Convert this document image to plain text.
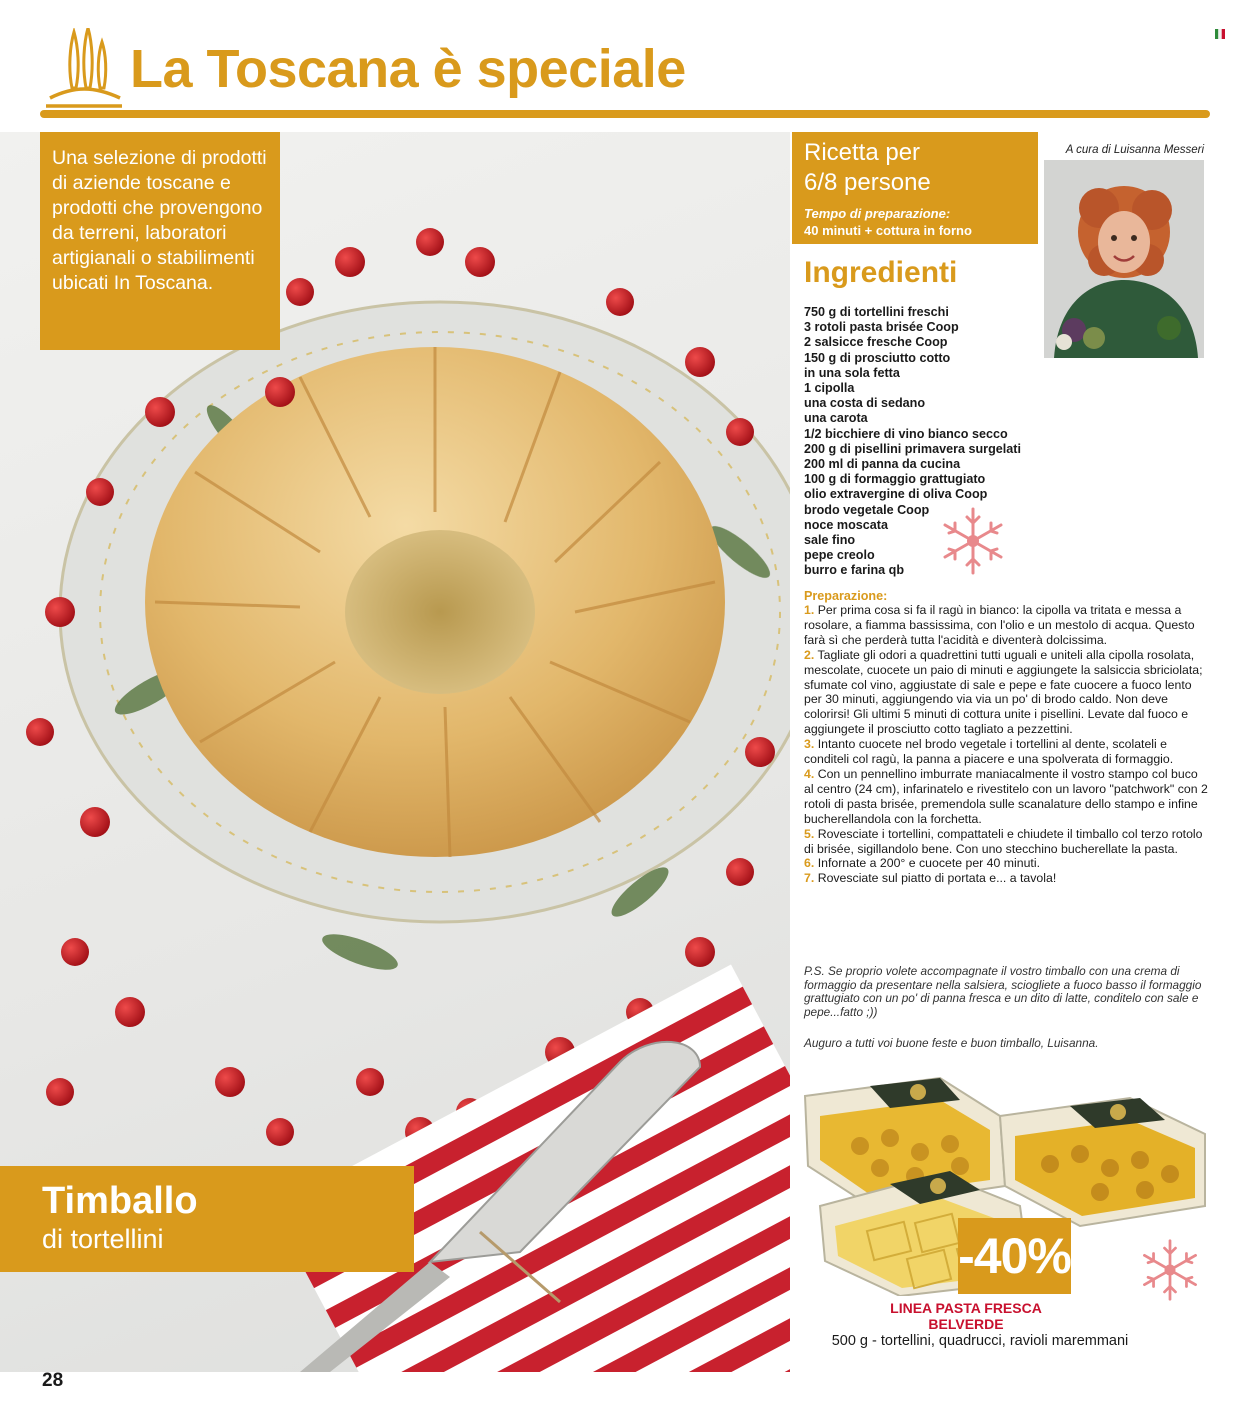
La Toscana è speciale

Una selezione di prodotti di aziende toscane e prodotti che provengono da terreni, laboratori artigianali o stabilimenti ubicati In Toscana.

Timballo
di tortellini
Ricetta per
6/8 persone
Tempo di preparazione:
40 minuti + cottura in forno
A cura di Luisanna Messeri
Ingredienti
750 g di tortellini freschi
3 rotoli pasta brisée Coop
2 salsicce fresche Coop
150 g di prosciutto cotto
in una sola fetta
1 cipolla
una costa di sedano
una carota
1/2 bicchiere di vino bianco secco
200 g di pisellini primavera surgelati
200 ml di panna da cucina
100 g di formaggio grattugiato
olio extravergine di oliva Coop
brodo vegetale Coop
noce moscata
sale fino
pepe creolo
burro e farina qb
Preparazione:
1. Per prima cosa si fa il ragù in bianco: la cipolla va tritata e messa a rosolare, a fiamma bassissima, con l'olio e un mestolo di acqua. Questo farà sì che perderà tutta l'acidità e diventerà dolcissima.
2. Tagliate gli odori a quadrettini tutti uguali e uniteli alla cipolla rosolata, mescolate, cuocete un paio di minuti e aggiungete la salsiccia sbriciolata; sfumate col vino, aggiustate di sale e pepe e fate cuocere a fuoco lento per 30 minuti, aggiungendo via via un po' di brodo caldo. Non deve colorirsi! Gli ultimi 5 minuti di cottura unite i pisellini. Levate dal fuoco e aggiungete il prosciutto cotto tagliato a pezzettini.
3. Intanto cuocete nel brodo vegetale i tortellini al dente, scolateli e conditeli col ragù, la panna a piacere e una spolverata di formaggio.
4. Con un pennellino imburrate maniacalmente il vostro stampo col buco al centro (24 cm), infarinatelo e rivestitelo con un lavoro "patchwork" con 2 rotoli di pasta brisée, premendola sulle scanalature dello stampo e infine bucherellandola con la forchetta.
5. Rovesciate i tortellini, compattateli e chiudete il timballo col terzo rotolo di brisée, sigillandolo bene. Con uno stecchino bucherellate la pasta.
6. Infornate a 200° e cuocete per 40 minuti.
7. Rovesciate sul piatto di portata e... a tavola!
P.S. Se proprio volete accompagnate il vostro timballo con una crema di formaggio da presentare nella salsiera, sciogliete a fuoco basso il formaggio grattugiato con un po' di panna fresca e un dito di latte, conditelo con sale e pepe...fatto ;))
Auguro a tutti voi buone feste e buon timballo, Luisanna.
-40%
LINEA PASTA FRESCA
BELVERDE
500 g - tortellini, quadrucci, ravioli maremmani
28
